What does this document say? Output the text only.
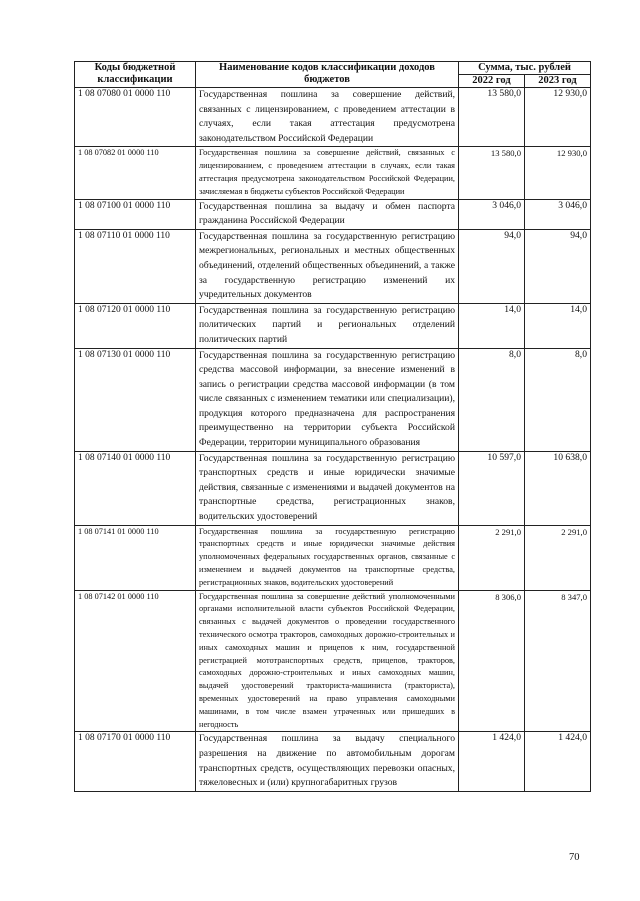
Коды бюджетной классификации	Наименование кодов классификации доходов бюджетов	Сумма, тыс. рублей	
		2022 год	2023 год
1 08 07080 01 0000 110	Государственная пошлина за совершение действий, связанных с лицензированием, с проведением аттестации в случаях, если такая аттестация предусмотрена законодательством Российской Федерации	13 580,0	12 930,0
1 08 07082 01 0000 110	Государственная пошлина за совершение действий, связанных с лицензированием, с проведением аттестации в случаях, если такая аттестация предусмотрена законодательством Российской Федерации, зачисляемая в бюджеты субъектов Российской Федерации	13 580,0	12 930,0
1 08 07100 01 0000 110	Государственная пошлина за выдачу и обмен паспорта гражданина Российской Федерации	3 046,0	3 046,0
1 08 07110 01 0000 110	Государственная пошлина за государственную регистрацию межрегиональных, региональных и местных общественных объединений, отделений общественных объединений, а также за государственную регистрацию изменений их учредительных документов	94,0	94,0
1 08 07120 01 0000 110	Государственная пошлина за государственную регистрацию политических партий и региональных отделений политических партий	14,0	14,0
1 08 07130 01 0000 110	Государственная пошлина за государственную регистрацию средства массовой информации, за внесение изменений в запись о регистрации средства массовой информации (в том числе связанных с изменением тематики или специализации), продукция которого предназначена для распространения преимущественно на территории субъекта Российской Федерации, территории муниципального образования	8,0	8,0
1 08 07140 01 0000 110	Государственная пошлина за государственную регистрацию транспортных средств и иные юридически значимые действия, связанные с изменениями и выдачей документов на транспортные средства, регистрационных знаков, водительских удостоверений	10 597,0	10 638,0
1 08 07141 01 0000 110	Государственная пошлина за государственную регистрацию транспортных средств и иные юридически значимые действия уполномоченных федеральных государственных органов, связанные с изменением и выдачей документов на транспортные средства, регистрационных знаков, водительских удостоверений	2 291,0	2 291,0
1 08 07142 01 0000 110	Государственная пошлина за совершение действий уполномоченными органами исполнительной власти субъектов Российской Федерации, связанных с выдачей документов о проведении государственного технического осмотра тракторов, самоходных дорожно-строительных и иных самоходных машин и прицепов к ним, государственной регистрацией мототранспортных средств, прицепов, тракторов, самоходных дорожно-строительных и иных самоходных машин, выдачей удостоверений тракториста-машиниста (тракториста), временных удостоверений на право управления самоходными машинами, в том числе взамен утраченных или пришедших в негодность	8 306,0	8 347,0
1 08 07170 01 0000 110	Государственная пошлина за выдачу специального разрешения на движение по автомобильным дорогам транспортных средств, осуществляющих перевозки опасных, тяжеловесных и (или) крупногабаритных грузов	1 424,0	1 424,0
70
